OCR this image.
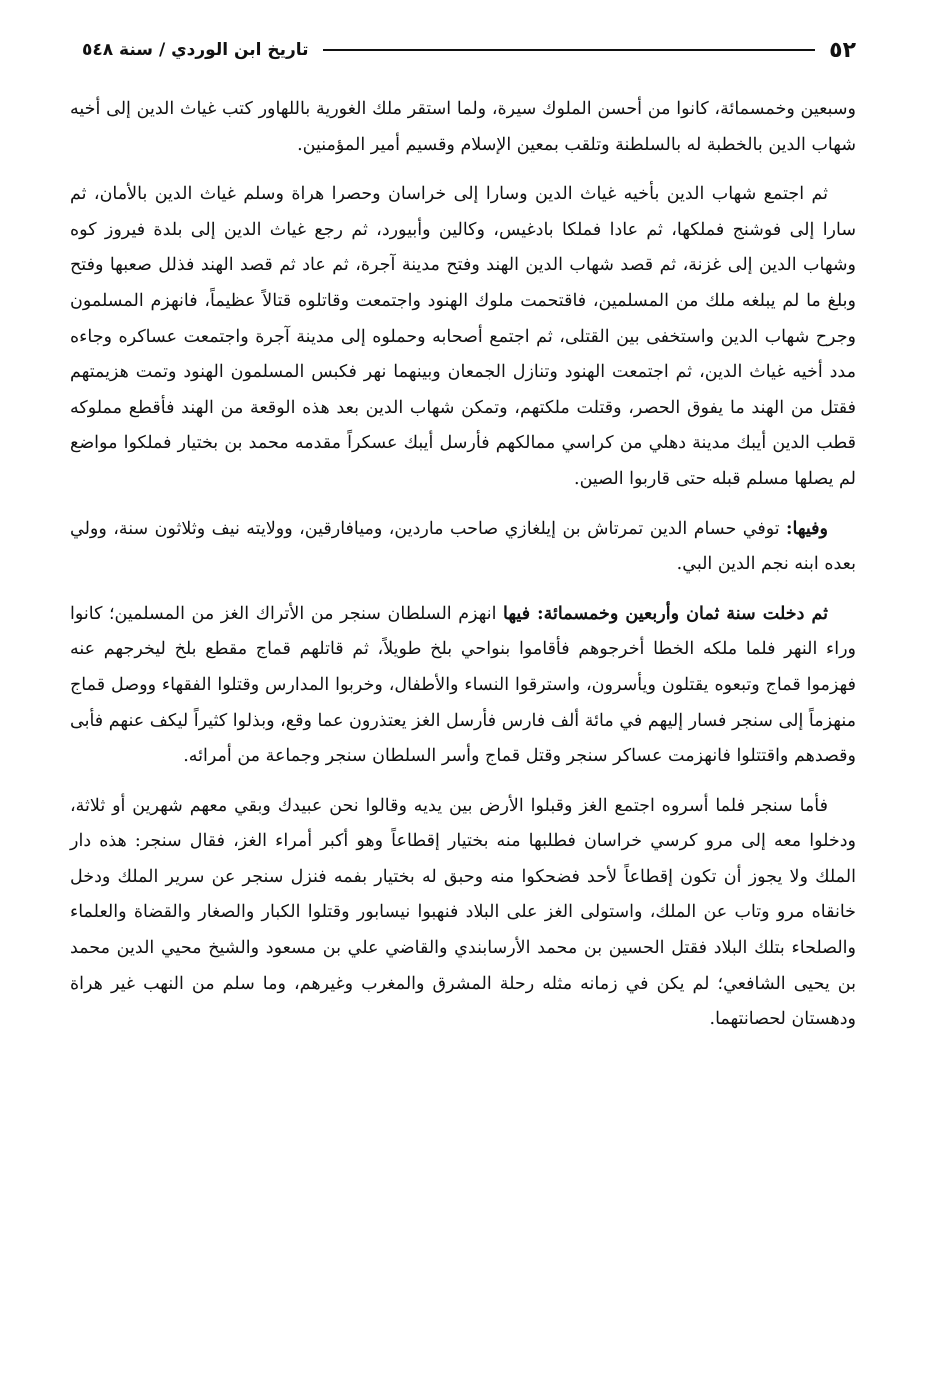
٥٢
تاريخ ابن الوردي / سنة ٥٤٨

وسبعين وخمسمائة، كانوا من أحسن الملوك سيرة، ولما استقر ملك الغورية باللهاور كتب غياث الدين إلى أخيه شهاب الدين بالخطبة له بالسلطنة وتلقب بمعين الإسلام وقسيم أمير المؤمنين.

ثم اجتمع شهاب الدين بأخيه غياث الدين وسارا إلى خراسان وحصرا هراة وسلم غياث الدين بالأمان، ثم سارا إلى فوشنج فملكها، ثم عادا فملكا بادغيس، وكالين وأبيورد، ثم رجع غياث الدين إلى بلدة فيروز كوه وشهاب الدين إلى غزنة، ثم قصد شهاب الدين الهند وفتح مدينة آجرة، ثم عاد ثم قصد الهند فذلل صعبها وفتح وبلغ ما لم يبلغه ملك من المسلمين، فاقتحمت ملوك الهنود واجتمعت وقاتلوه قتالاً عظيماً، فانهزم المسلمون وجرح شهاب الدين واستخفى بين القتلى، ثم اجتمع أصحابه وحملوه إلى مدينة آجرة واجتمعت عساكره وجاءه مدد أخيه غياث الدين، ثم اجتمعت الهنود وتنازل الجمعان وبينهما نهر فكبس المسلمون الهنود وتمت هزيمتهم فقتل من الهند ما يفوق الحصر، وقتلت ملكتهم، وتمكن شهاب الدين بعد هذه الوقعة من الهند فأقطع مملوكه قطب الدين أيبك مدينة دهلي من كراسي ممالكهم فأرسل أيبك عسكراً مقدمه محمد بن بختيار فملكوا مواضع لم يصلها مسلم قبله حتى قاربوا الصين.

وفيها: توفي حسام الدين تمرتاش بن إيلغازي صاحب ماردين، وميافارقين، وولايته نيف وثلاثون سنة، وولي بعده ابنه نجم الدين البي.

ثم دخلت سنة ثمان وأربعين وخمسمائة: فيها انهزم السلطان سنجر من الأتراك الغز من المسلمين؛ كانوا وراء النهر فلما ملكه الخطا أخرجوهم فأقاموا بنواحي بلخ طويلاً، ثم قاتلهم قماج مقطع بلخ ليخرجهم عنه فهزموا قماج وتبعوه يقتلون ويأسرون، واسترقوا النساء والأطفال، وخربوا المدارس وقتلوا الفقهاء ووصل قماج منهزماً إلى سنجر فسار إليهم في مائة ألف فارس فأرسل الغز يعتذرون عما وقع، وبذلوا كثيراً ليكف عنهم فأبى وقصدهم واقتتلوا فانهزمت عساكر سنجر وقتل قماج وأسر السلطان سنجر وجماعة من أمرائه.

فأما سنجر فلما أسروه اجتمع الغز وقبلوا الأرض بين يديه وقالوا نحن عبيدك وبقي معهم شهرين أو ثلاثة، ودخلوا معه إلى مرو كرسي خراسان فطلبها منه بختيار إقطاعاً وهو أكبر أمراء الغز، فقال سنجر: هذه دار الملك ولا يجوز أن تكون إقطاعاً لأحد فضحكوا منه وحبق له بختيار بفمه فنزل سنجر عن سرير الملك ودخل خانقاه مرو وتاب عن الملك، واستولى الغز على البلاد فنهبوا نيسابور وقتلوا الكبار والصغار والقضاة والعلماء والصلحاء بتلك البلاد فقتل الحسين بن محمد الأرسابندي والقاضي علي بن مسعود والشيخ محيي الدين محمد بن يحيى الشافعي؛ لم يكن في زمانه مثله رحلة المشرق والمغرب وغيرهم، وما سلم من النهب غير هراة ودهستان لحصانتهما.
